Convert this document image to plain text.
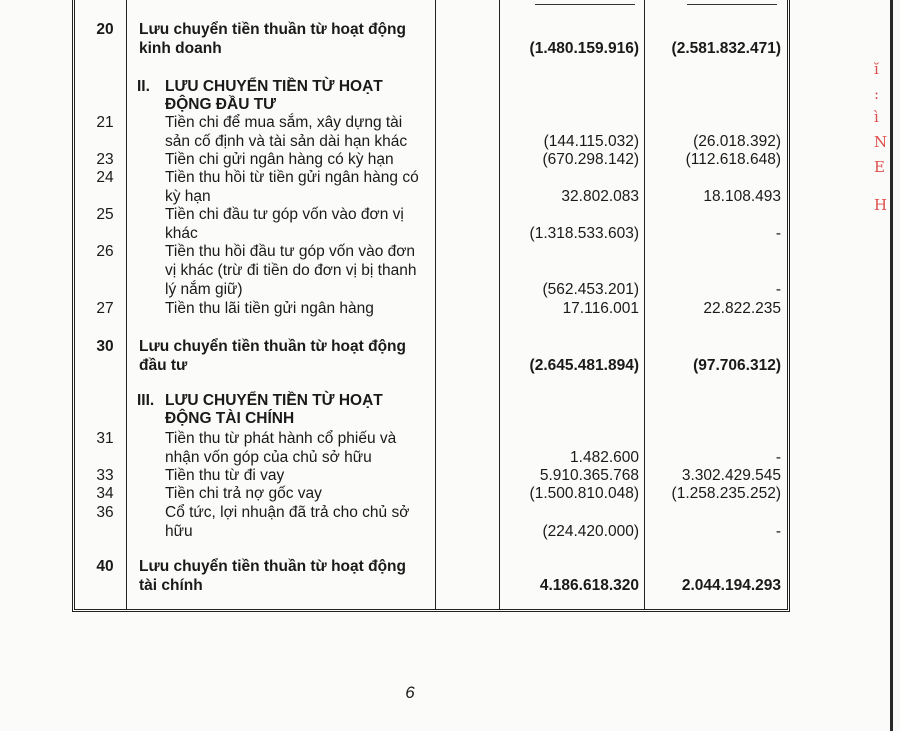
20	Lưu chuyển tiền thuần từ hoạt động
kinh doanh	(1.480.159.916)	(2.581.832.471)
II. LƯU CHUYỂN TIỀN TỪ HOẠT
ĐỘNG ĐẦU TƯ
21	Tiền chi để mua sắm, xây dựng tài
sản cố định và tài sản dài hạn khác	(144.115.032)	(26.018.392)
23	Tiền chi gửi ngân hàng có kỳ hạn	(670.298.142)	(112.618.648)
24	Tiền thu hồi từ tiền gửi ngân hàng có
kỳ hạn	32.802.083	18.108.493
25	Tiền chi đầu tư góp vốn vào đơn vị
khác	(1.318.533.603)	-
26	Tiền thu hồi đầu tư góp vốn vào đơn
vị khác (trừ đi tiền do đơn vị bị thanh
lý nắm giữ)	(562.453.201)	-
27	Tiền thu lãi tiền gửi ngân hàng	17.116.001	22.822.235
30	Lưu chuyển tiền thuần từ hoạt động
đầu tư	(2.645.481.894)	(97.706.312)
III. LƯU CHUYỂN TIỀN TỪ HOẠT
ĐỘNG TÀI CHÍNH
31	Tiền thu từ phát hành cổ phiếu và
nhận vốn góp của chủ sở hữu	1.482.600	-
33	Tiền thu từ đi vay	5.910.365.768	3.302.429.545
34	Tiền chi trả nợ gốc vay	(1.500.810.048)	(1.258.235.252)
36	Cổ tức, lợi nhuận đã trả cho chủ sở
hữu	(224.420.000)	-
40	Lưu chuyển tiền thuần từ hoạt động
tài chính	4.186.618.320	2.044.194.293
6
ĭ
:
ì
N
Ε
H
